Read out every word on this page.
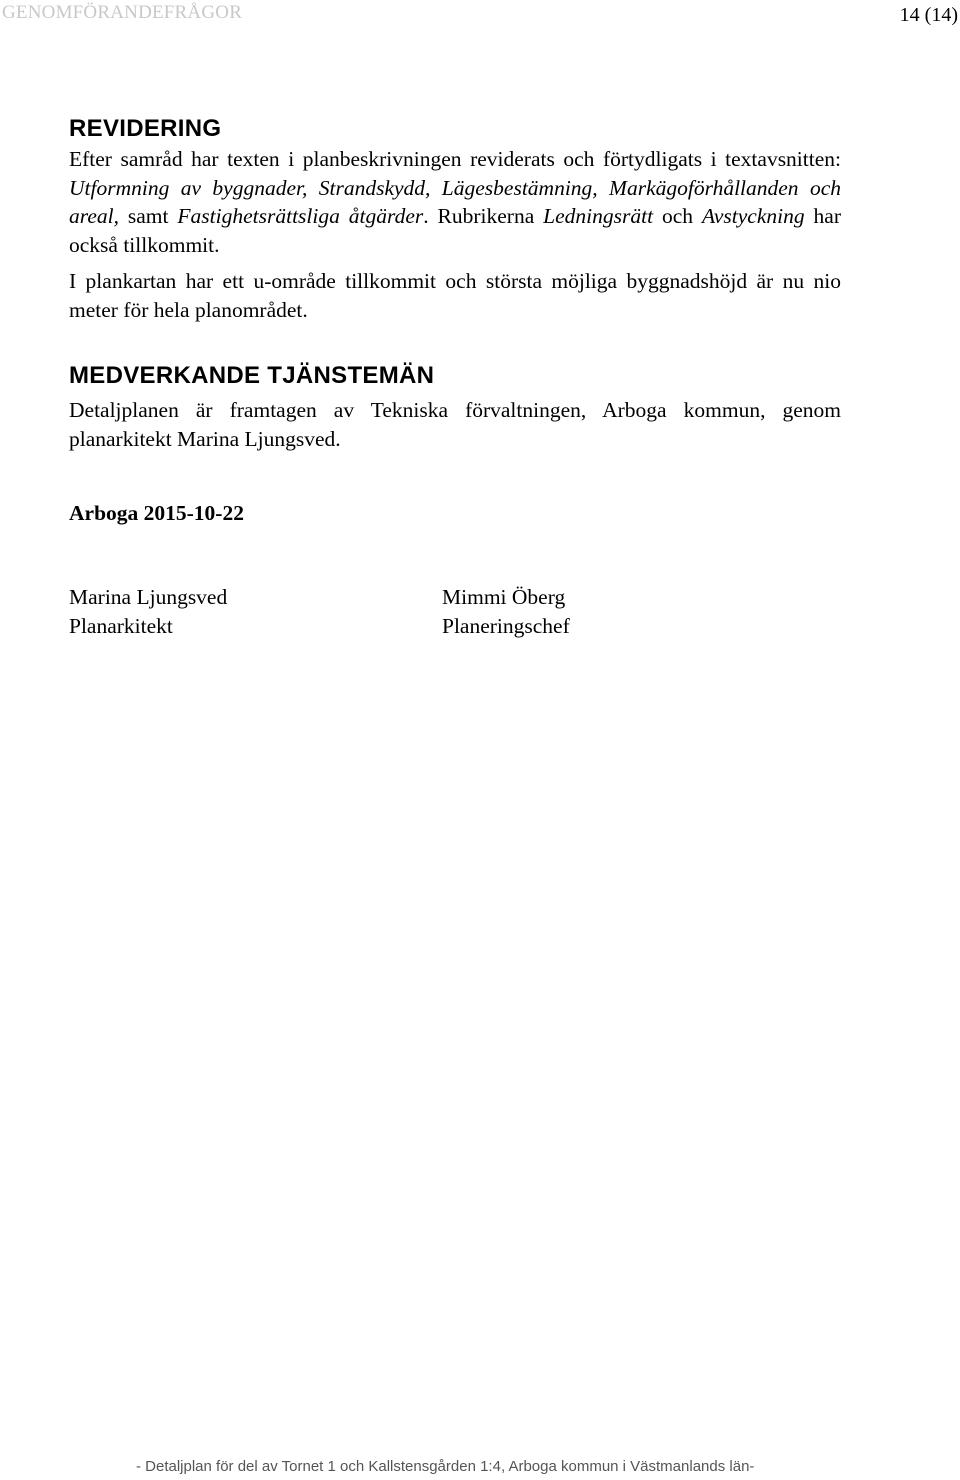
GENOMFÖRANDEFRÅGOR	14 (14)
REVIDERING

Efter samråd har texten i planbeskrivningen reviderats och förtydligats i textavsnitten: Utformning av byggnader, Strandskydd, Lägesbestämning, Markägoförhållanden och areal, samt Fastighetsrättsliga åtgärder. Rubrikerna Ledningsrätt och Avstyckning har också tillkommit.

I plankartan har ett u-område tillkommit och största möjliga byggnadshöjd är nu nio meter för hela planområdet.

MEDVERKANDE TJÄNSTEMÄN

Detaljplanen är framtagen av Tekniska förvaltningen, Arboga kommun, genom planarkitekt Marina Ljungsved.

Arboga 2015-10-22
Marina Ljungsved
Planarkitekt
Mimmi Öberg
Planeringschef
- Detaljplan för del av Tornet 1 och Kallstensgården 1:4, Arboga kommun i Västmanlands län-
